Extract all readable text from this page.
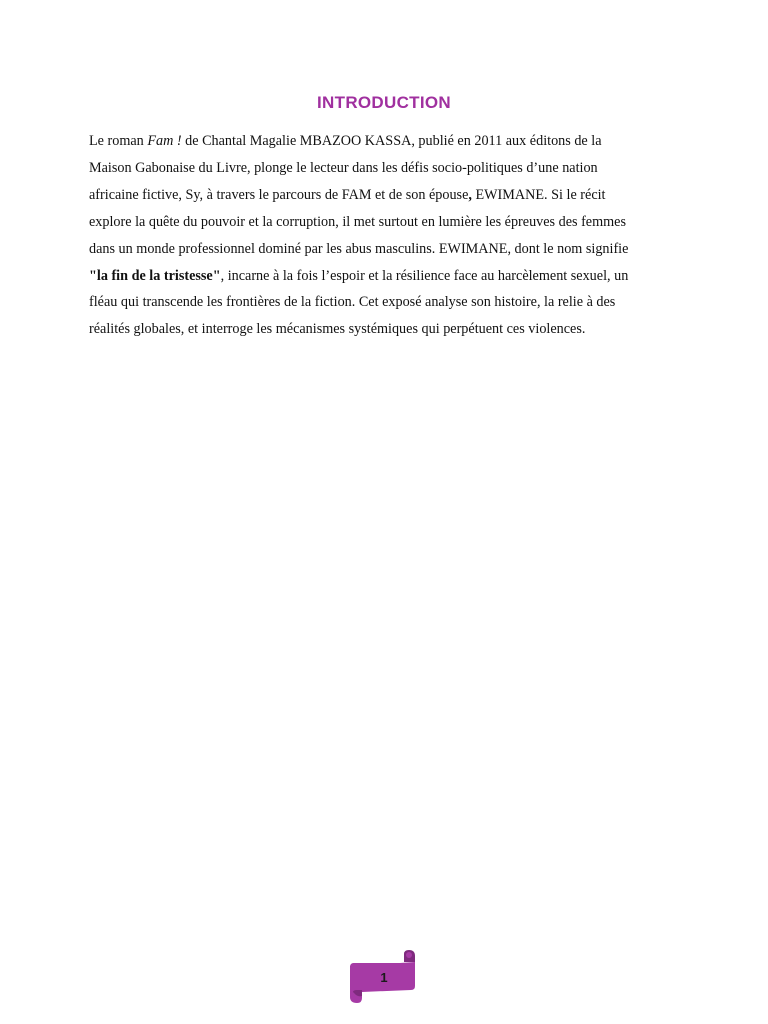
INTRODUCTION
Le roman Fam ! de Chantal Magalie MBAZOO KASSA, publié en 2011 aux éditons de la
Maison Gabonaise du Livre, plonge le lecteur dans les défis socio-politiques d’une nation
africaine fictive, Sy, à travers le parcours de FAM et de son épouse, EWIMANE. Si le récit
explore la quête du pouvoir et la corruption, il met surtout en lumière les épreuves des femmes
dans un monde professionnel dominé par les abus masculins. EWIMANE, dont le nom signifie
"la fin de la tristesse", incarne à la fois l’espoir et la résilience face au harcèlement sexuel, un
fléau qui transcende les frontières de la fiction. Cet exposé analyse son histoire, la relie à des
réalités globales, et interroge les mécanismes systémiques qui perpétuent ces violences.
1
